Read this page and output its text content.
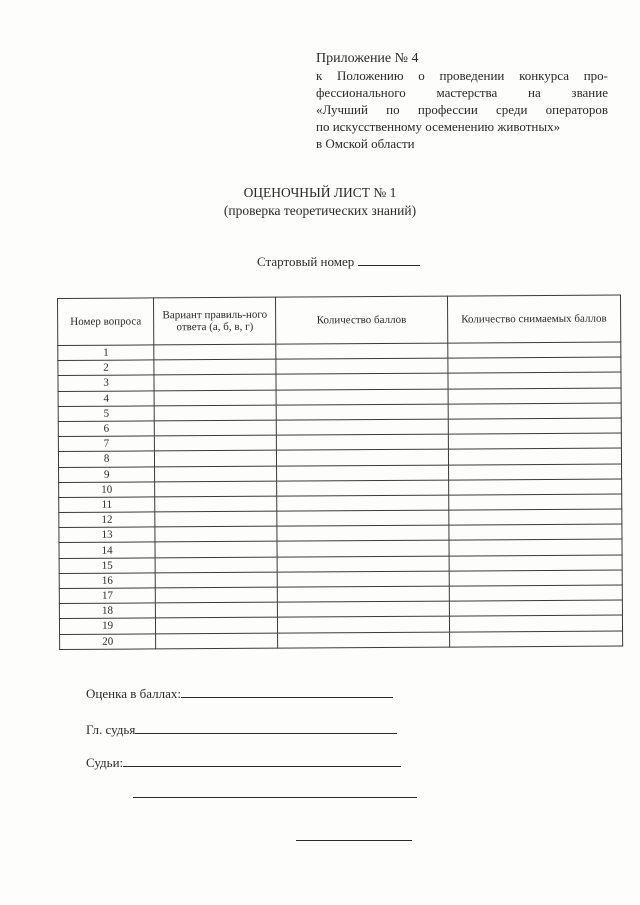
Приложение № 4
к Положению о проведении конкурса про-
фессионального мастерства на звание
«Лучший по профессии среди операторов
по искусственному осеменению животных»
в Омской области
ОЦЕНОЧНЫЙ ЛИСТ № 1
(проверка теоретических знаний)
Стартовый номер
Номер вопроса	Вариант правиль-ного ответа (а, б, в, г)	Количество баллов	Количество снимаемых баллов
1			
2			
3			
4			
5			
6			
7			
8			
9			
10			
11			
12			
13			
14			
15			
16			
17			
18			
19			
20			
Оценка в баллах:
Гл. судья
Судьи:
